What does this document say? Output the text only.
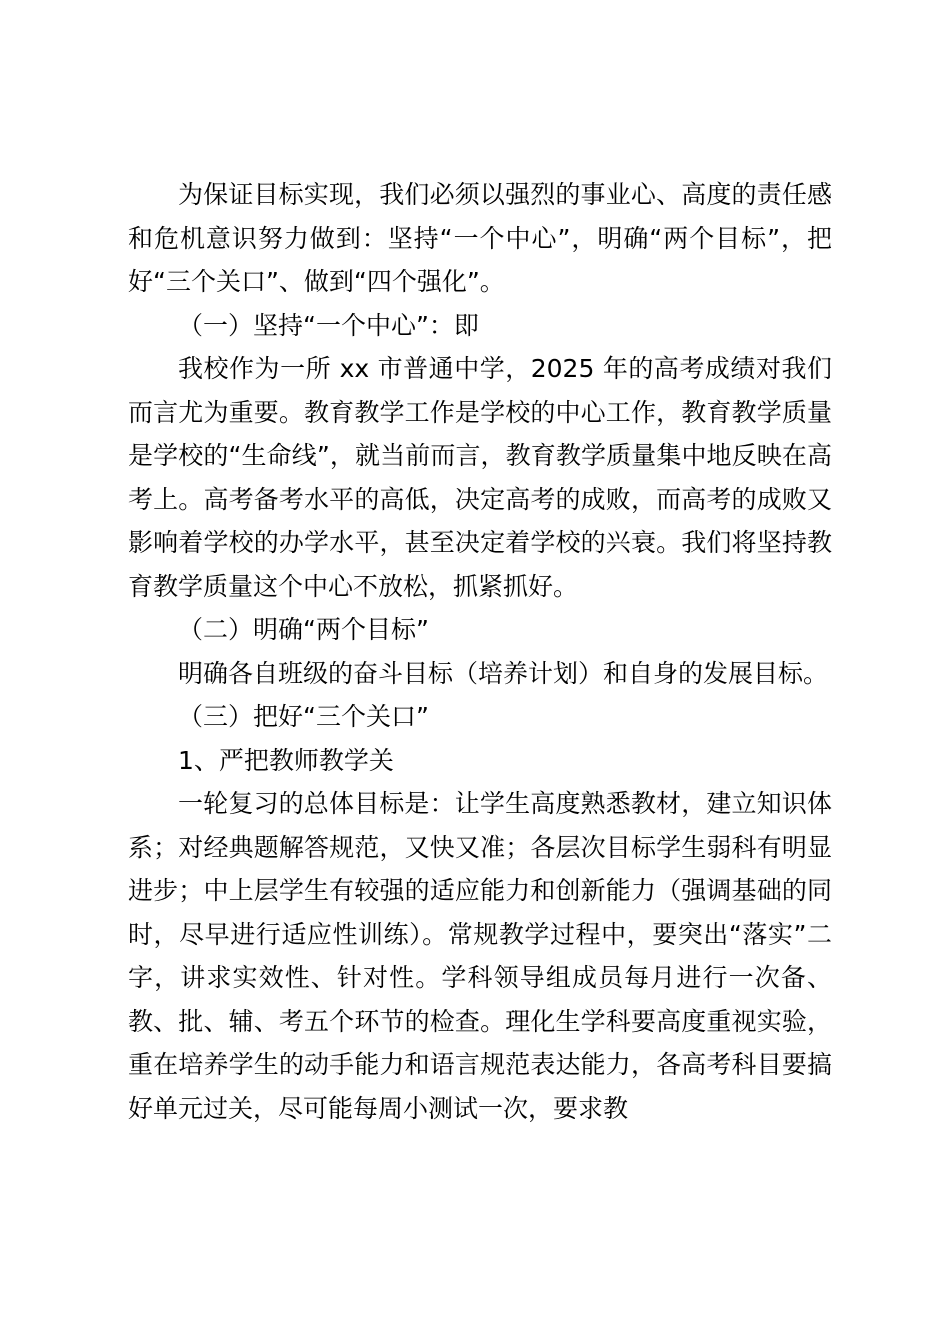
为保证目标实现，我们必须以强烈的事业心、高度的责任感和危机意识努力做到：坚持“一个中心”，明确“两个目标”，把好“三个关口”、做到“四个强化”。

（一）坚持“一个中心”：即

我校作为一所 xx 市普通中学，2025 年的高考成绩对我们而言尤为重要。教育教学工作是学校的中心工作，教育教学质量是学校的“生命线”，就当前而言，教育教学质量集中地反映在高考上。高考备考水平的高低，决定高考的成败，而高考的成败又影响着学校的办学水平，甚至决定着学校的兴衰。我们将坚持教育教学质量这个中心不放松，抓紧抓好。

（二）明确“两个目标”

明确各自班级的奋斗目标（培养计划）和自身的发展目标。

（三）把好“三个关口”

1、严把教师教学关

一轮复习的总体目标是：让学生高度熟悉教材，建立知识体系；对经典题解答规范，又快又准；各层次目标学生弱科有明显进步；中上层学生有较强的适应能力和创新能力（强调基础的同时，尽早进行适应性训练）。常规教学过程中，要突出“落实”二字，讲求实效性、针对性。学科领导组成员每月进行一次备、教、批、辅、考五个环节的检查。理化生学科要高度重视实验，重在培养学生的动手能力和语言规范表达能力，各高考科目要搞好单元过关，尽可能每周小测试一次，要求教
